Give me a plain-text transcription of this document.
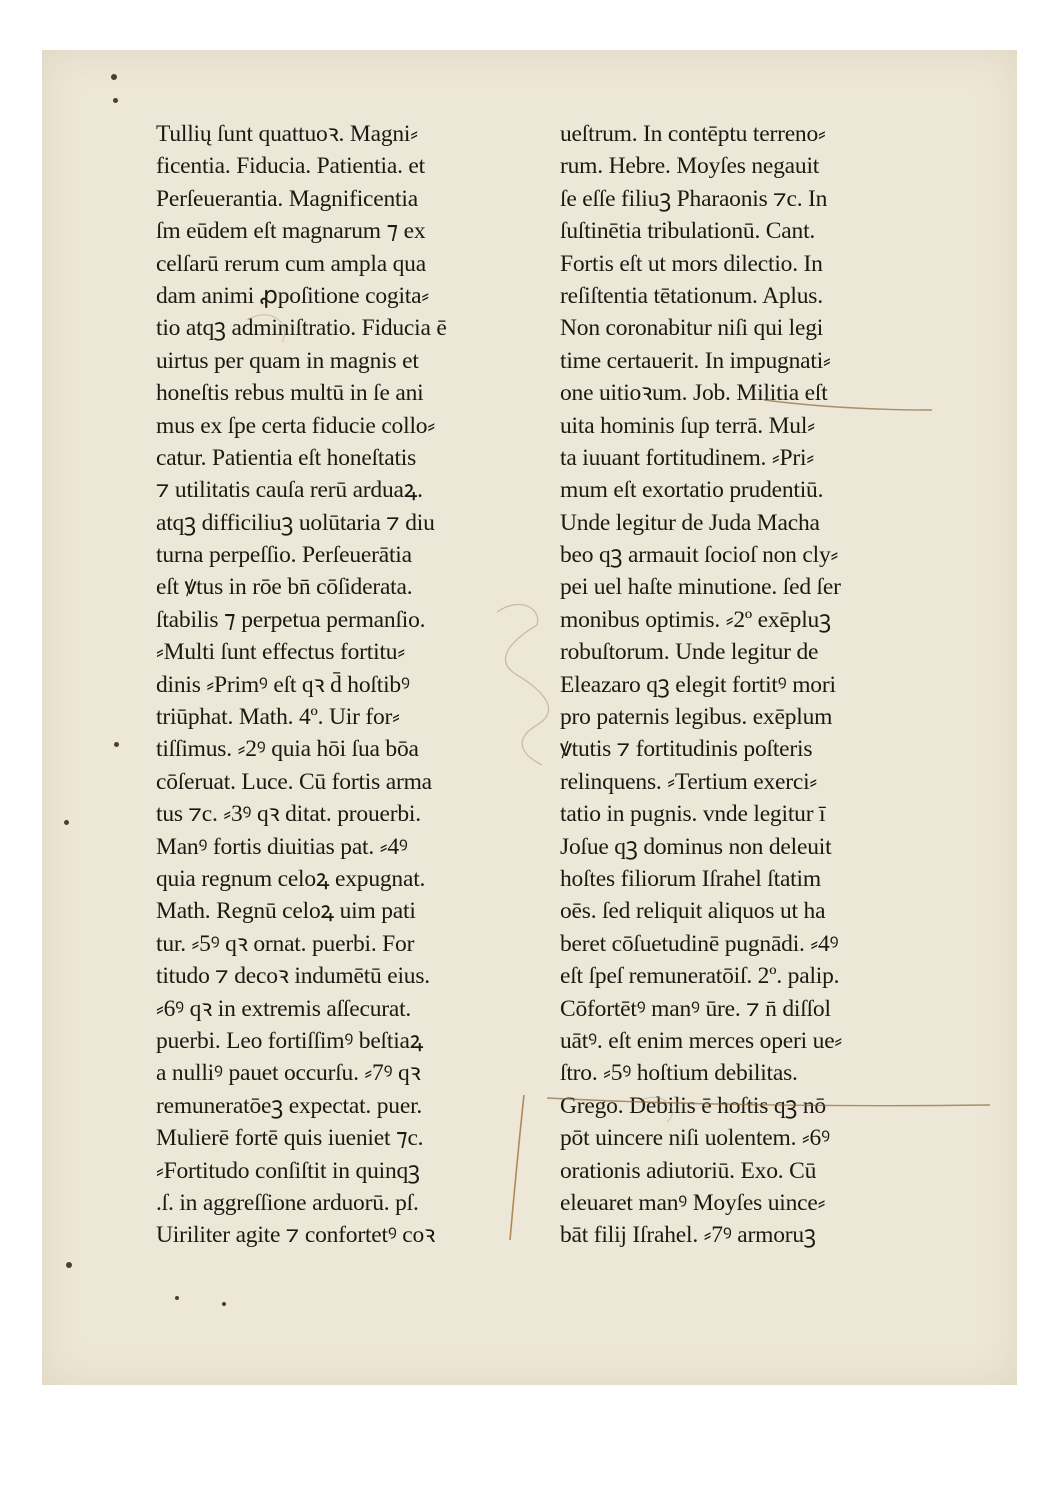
Tullių ſunt quattuoꝛ. Magni⸗
ficentia. Fiducia. Patientia. et
Perſeuerantia. Magnificentia
ſm eūdem eſt magnarum ⁊ ex
celſarū rerum cum ampla qua
dam animi ꝓpoſitione cogita⸗
tio atqꝫ adminiſtratio. Fiducia ē
uirtus per quam in magnis et
honeſtis rebus multū in ſe ani
mus ex ſpe certa fiducie collo⸗
catur. Patientia eſt honeſtatis
⁊ utilitatis cauſa rerū arduaꝝ.
atqꝫ difficiliuꝫ uolūtaria ⁊ diu
turna perpeſſio. Perſeuerātia
eſt ꝟtus in rōe bn̄ cōſiderata.
ſtabilis ⁊ perpetua permanſio.
⸗Multi ſunt effectus fortitu⸗
dinis ⸗Primꝰ eſt qꝛ d̄ hoſtibꝰ
triūphat. Math. 4º. Uir for⸗
tiſſimus. ⸗2ꝰ quia hōi ſua bōa
cōſeruat. Luce. Cū fortis arma
tus ⁊c. ⸗3ꝰ qꝛ ditat. prouerbi.
Manꝰ fortis diuitias pat. ⸗4ꝰ
quia regnum celoꝝ expugnat.
Math. Regnū celoꝝ uim pati
tur. ⸗5ꝰ qꝛ ornat. puerbi. For
titudo ⁊ decoꝛ indumētū eius.
⸗6ꝰ qꝛ in extremis aſſecurat.
puerbi. Leo fortiſſimꝰ beſtiaꝝ
a nulliꝰ pauet occurſu. ⸗7ꝰ qꝛ
remuneratōeꝫ expectat. puer.
Mulierē fortē quis iueniet ⁊c.
⸗Fortitudo conſiſtit in quinqꝫ
.ſ. in aggreſſione arduorū. pſ.
Uiriliter agite ⁊ confortetꝰ coꝛ
ueſtrum. In contēptu terreno⸗
rum. Hebre. Moyſes negauit
ſe eſſe filiuꝫ Pharaonis ⁊c. In
ſuſtinētia tribulationū. Cant.
Fortis eſt ut mors dilectio. In
reſiſtentia tētationum. Aplus.
Non coronabitur niſi qui legi
time certauerit. In impugnati⸗
one uitioꝛum. Job. Militia eſt
uita hominis ſup terrā. Mul⸗
ta iuuant fortitudinem. ⸗Pri⸗
mum eſt exortatio prudentiū.
Unde legitur de Juda Macha
beo qꝫ armauit ſocioſ non cly⸗
pei uel haſte minutione. ſed ſer
monibus optimis. ⸗2º exēpluꝫ
robuſtorum. Unde legitur de
Eleazaro qꝫ elegit fortitꝰ mori
pro paternis legibus. exēplum
ꝟtutis ⁊ fortitudinis poſteris
relinquens. ⸗Tertium exerci⸗
tatio in pugnis. vnde legitur ī
Joſue qꝫ dominus non deleuit
hoſtes filiorum Iſrahel ſtatim
oēs. ſed reliquit aliquos ut ha
beret cōſuetudinē pugnādi. ⸗4ꝰ
eſt ſpeſ remuneratōiſ. 2º. palip.
Cōfortētꝰ manꝰ ūre. ⁊ n̄ diſſol
uātꝰ. eſt enim merces operi ue⸗
ſtro. ⸗5ꝰ hoſtium debilitas.
Grego. Debilis ē hoſtis qꝫ nō
pōt uincere niſi uolentem. ⸗6ꝰ
orationis adiutoriū. Exo. Cū
eleuaret manꝰ Moyſes uince⸗
bāt filij Iſrahel. ⸗7ꝰ armoruꝫ
